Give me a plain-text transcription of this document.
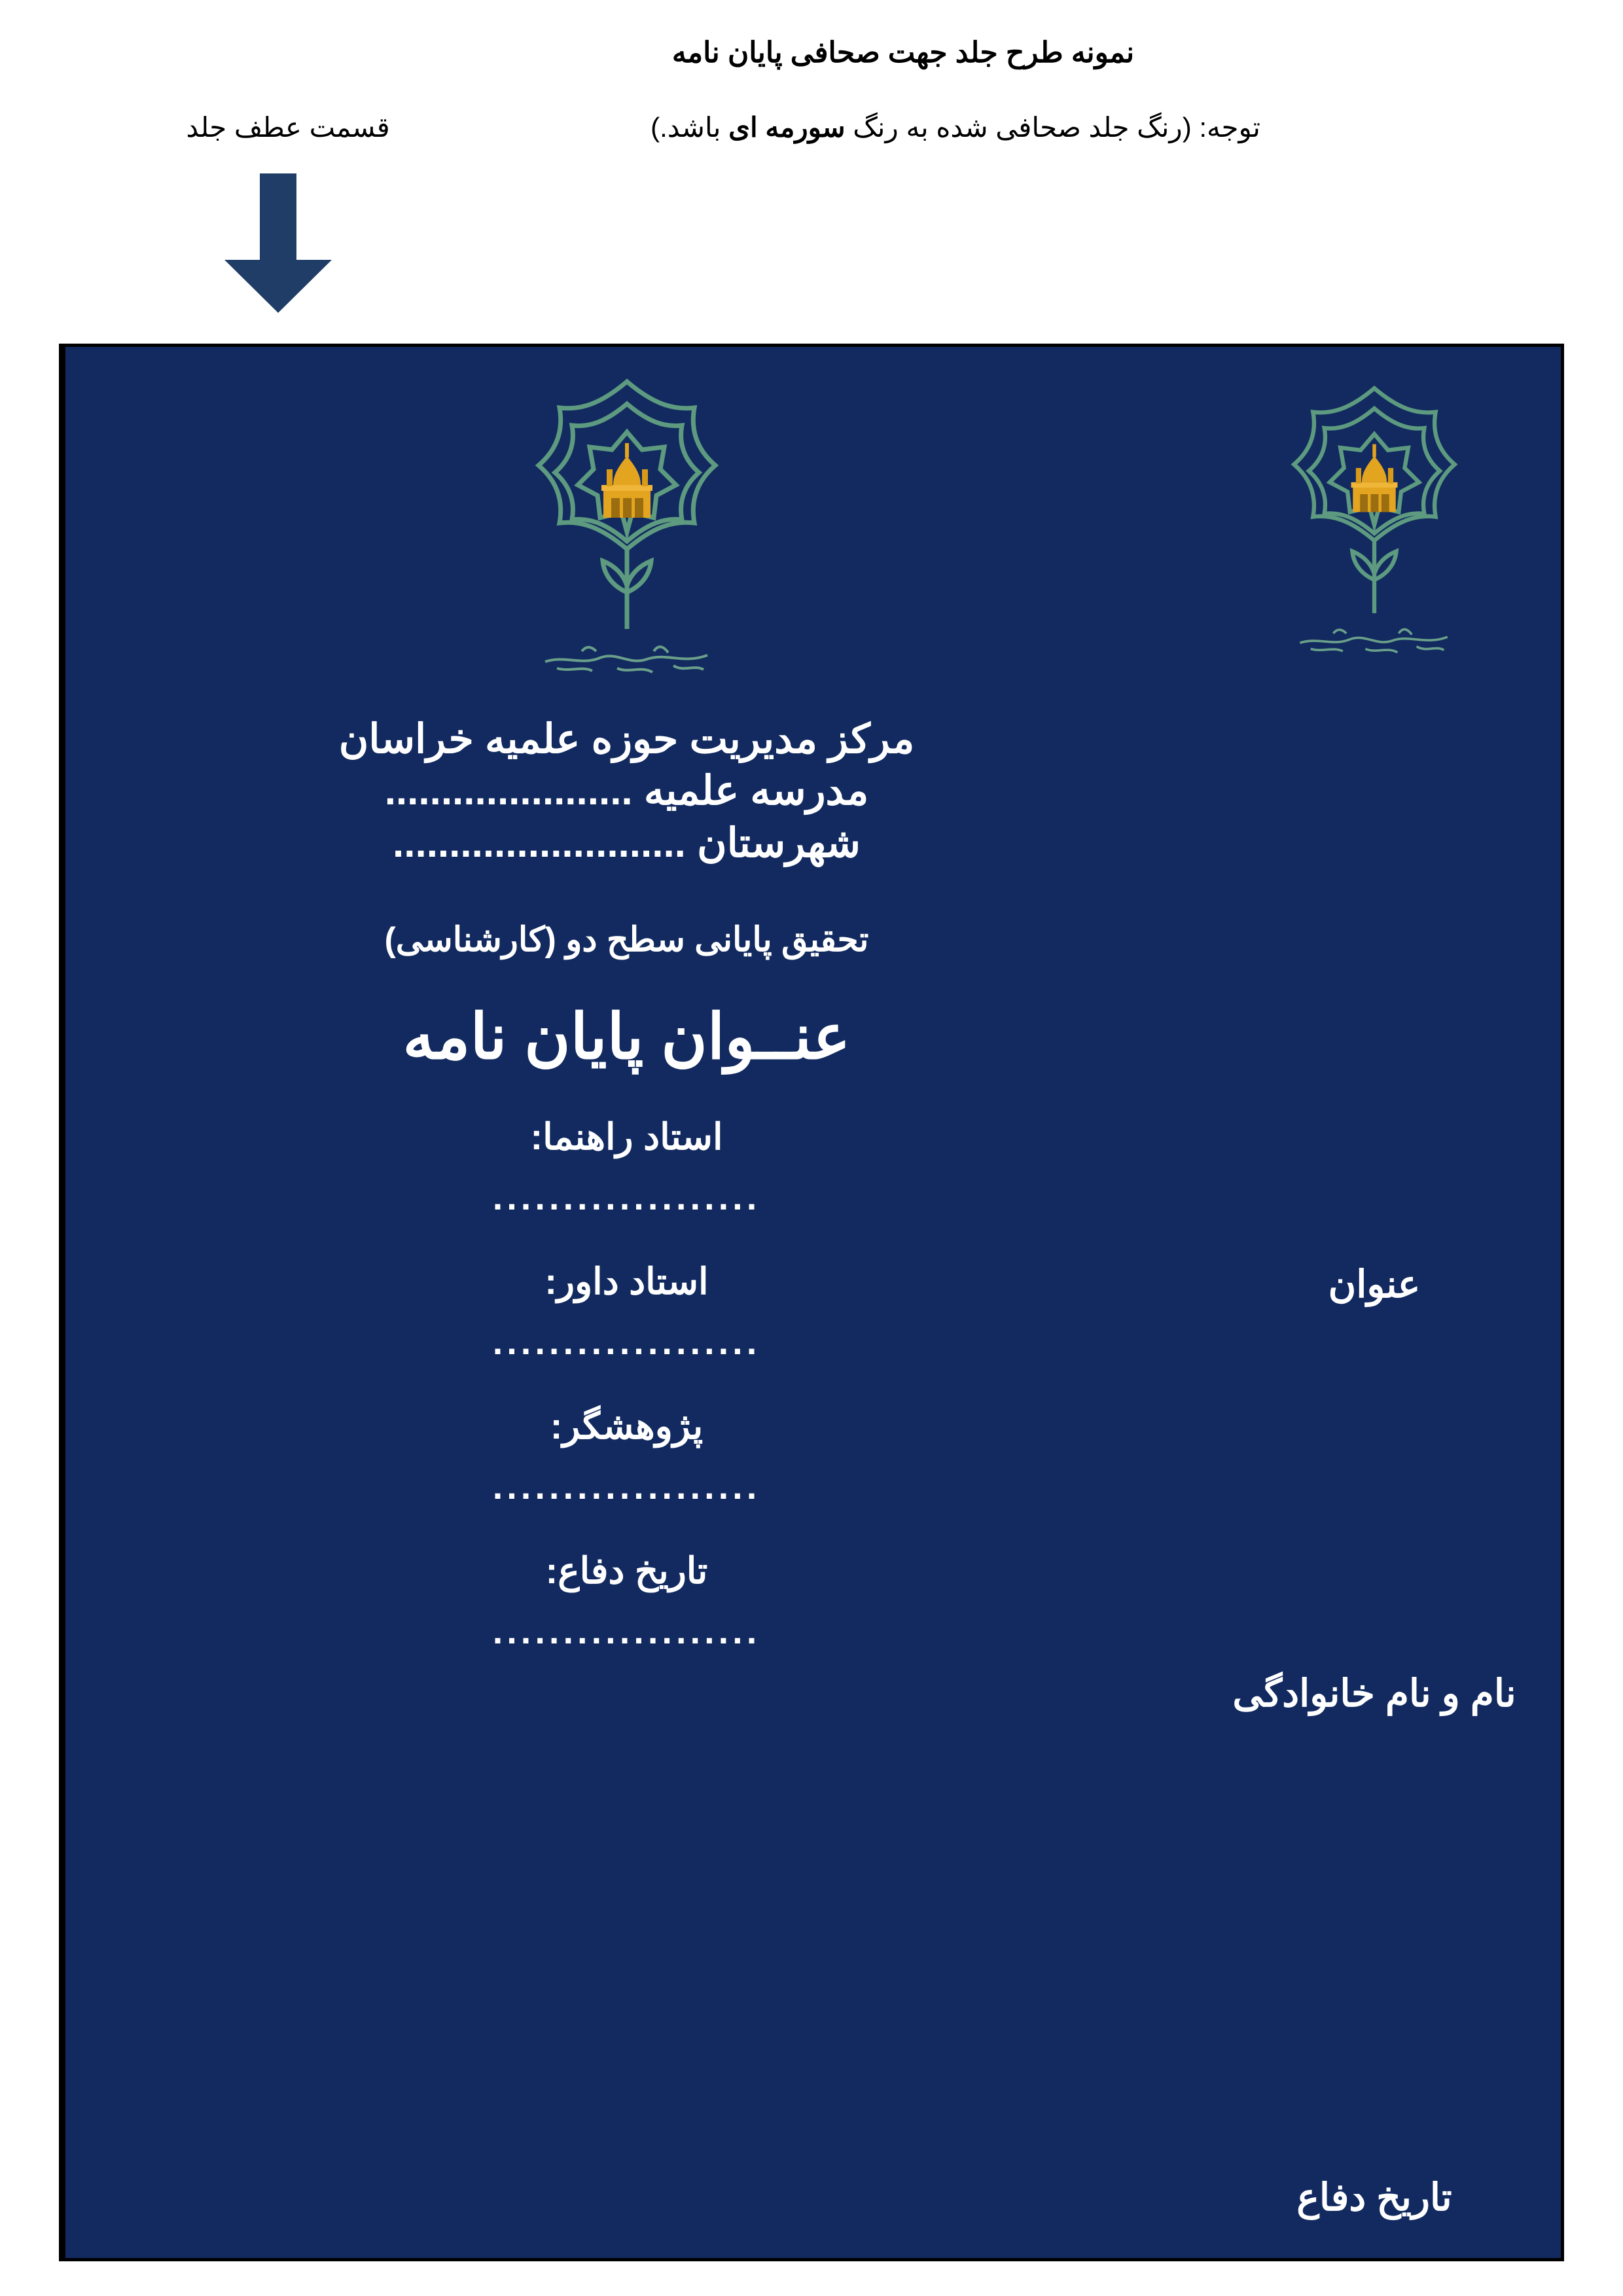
نمونه طرح جلد جهت صحافی پایان نامه
توجه: (رنگ جلد صحافی شده به رنگ سورمه ای باشد.)
قسمت عطف جلد
مرکز مدیریت حوزه علمیه خراسان
مدرسه علمیه ......................
شهرستان ..........................
تحقیق پایانی سطح دو (کارشناسی)
عنــوان پایان نامه
استاد راهنما:
...................
استاد داور:
...................
پژوهشگر:
...................
تاریخ دفاع:
...................
عنوان
نام و نام خانوادگی
تاریخ دفاع
